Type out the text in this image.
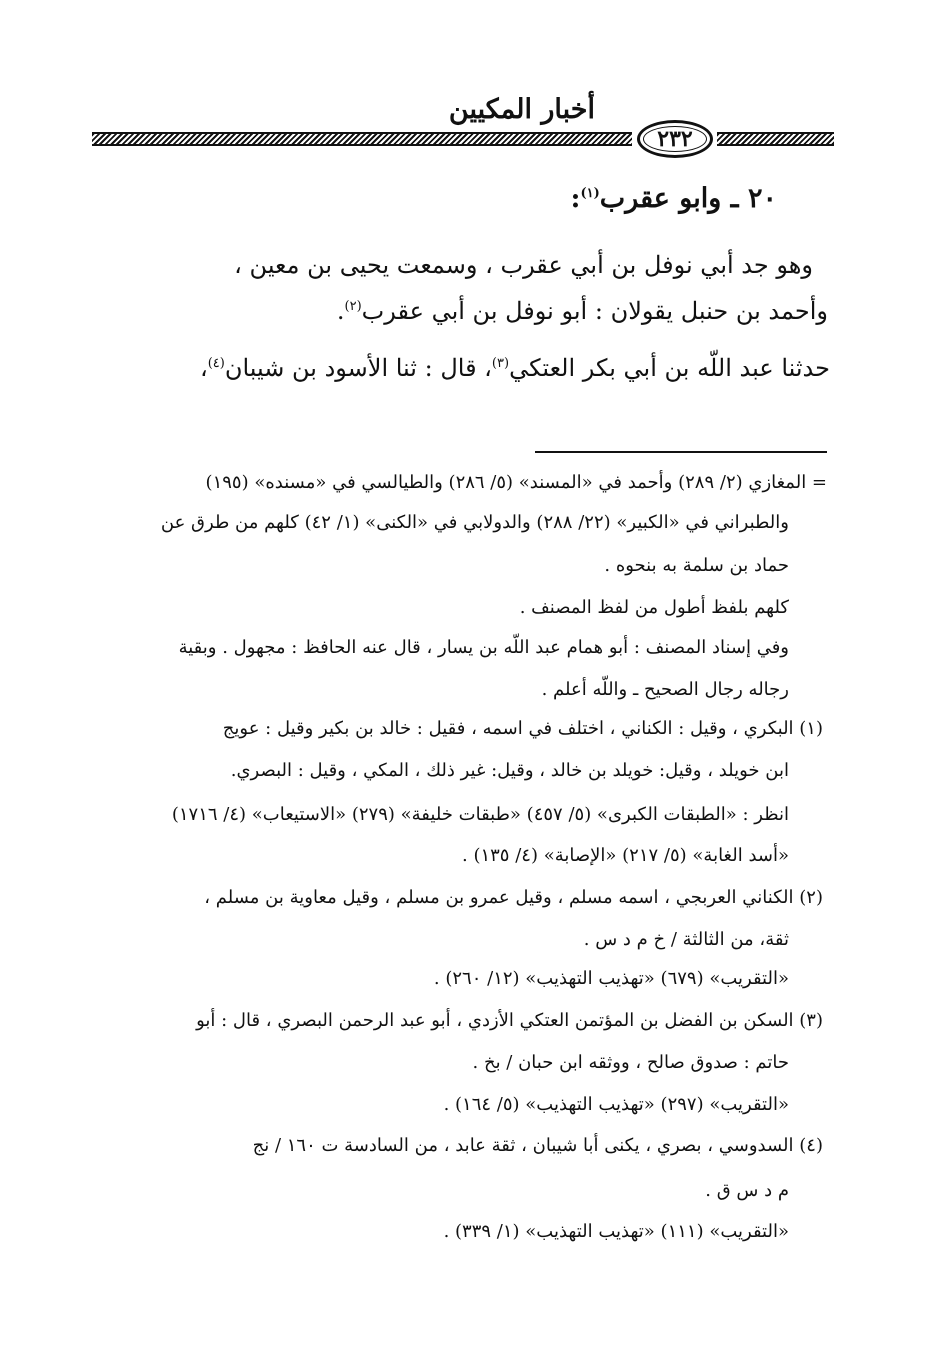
أخبار المكيين
٢٣٢
٢٠ ـ وابو عقرب$^{(١)}$:
وهو جد أبي نوفل بن أبي عقرب ، وسمعت يحيى بن معين ،
وأحمد بن حنبل يقولان : أبو نوفل بن أبي عقرب$^{(٢)}$.
حدثنا عبد اللّه بن أبي بكر العتكي$^{(٣)}$، قال : ثنا الأسود بن شيبان$^{(٤)}$،
= المغازي (٢/ ٢٨٩) وأحمد في «المسند» (٥/ ٢٨٦) والطيالسي في «مسنده» (١٩٥)
والطبراني في «الكبير» (٢٢/ ٢٨٨) والدولابي في «الكنى» (١/ ٤٢) كلهم من طرق عن
حماد بن سلمة به بنحوه .
كلهم بلفظ أطول من لفظ المصنف .
وفي إسناد المصنف : أبو همام عبد اللّه بن يسار ، قال عنه الحافظ : مجهول . وبقية
رجاله رجال الصحيح ـ واللّه أعلم .
(١) البكري ، وقيل : الكناني ، اختلف في اسمه ، فقيل : خالد بن بكير وقيل : عويج
ابن خويلد ، وقيل: خويلد بن خالد ، وقيل: غير ذلك ، المكي ، وقيل : البصري.
انظر : «الطبقات الكبرى» (٥/ ٤٥٧) «طبقات خليفة» (٢٧٩) «الاستيعاب» (٤/ ١٧١٦)
«أسد الغابة» (٥/ ٢١٧) «الإصابة» (٤/ ١٣٥) .
(٢) الكناني العربجي ، اسمه مسلم ، وقيل عمرو بن مسلم ، وقيل معاوية بن مسلم ،
ثقة، من الثالثة / خ م د س .
«التقريب» (٦٧٩) «تهذيب التهذيب» (١٢/ ٢٦٠) .
(٣) السكن بن الفضل بن المؤتمن العتكي الأزدي ، أبو عبد الرحمن البصري ، قال : أبو
حاتم : صدوق صالح ، ووثقه ابن حبان / بخ .
«التقريب» (٢٩٧) «تهذيب التهذيب» (٥/ ١٦٤) .
(٤) السدوسي ، بصري ، يكنى أبا شيبان ، ثقة عابد ، من السادسة ت ١٦٠ / نج
م د س ق .
«التقريب» (١١١) «تهذيب التهذيب» (١/ ٣٣٩) .
